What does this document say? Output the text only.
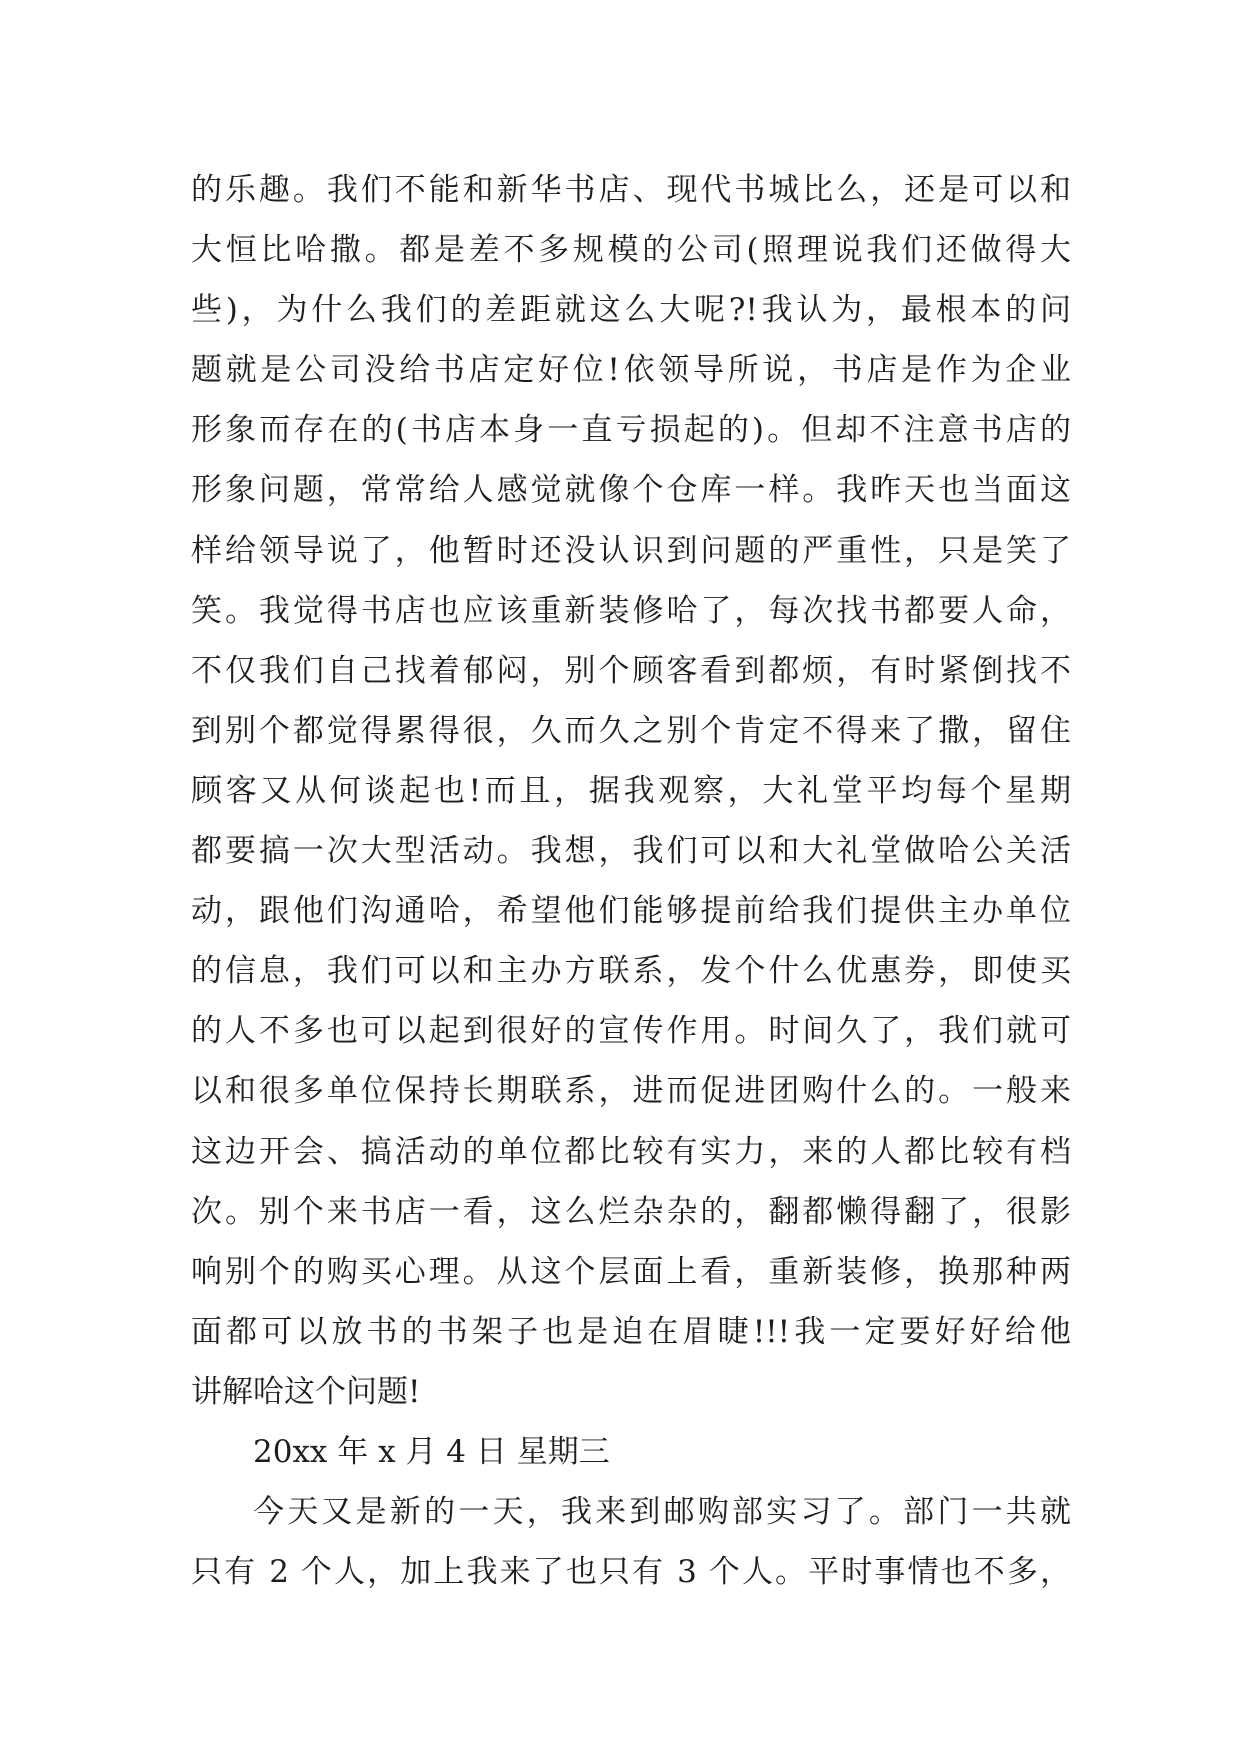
的乐趣。我们不能和新华书店、现代书城比么，还是可以和
大恒比哈撒。都是差不多规模的公司(照理说我们还做得大
些)，为什么我们的差距就这么大呢?!我认为，最根本的问
题就是公司没给书店定好位!依领导所说，书店是作为企业
形象而存在的(书店本身一直亏损起的)。但却不注意书店的
形象问题，常常给人感觉就像个仓库一样。我昨天也当面这
样给领导说了，他暂时还没认识到问题的严重性，只是笑了
笑。我觉得书店也应该重新装修哈了，每次找书都要人命，
不仅我们自己找着郁闷，别个顾客看到都烦，有时紧倒找不
到别个都觉得累得很，久而久之别个肯定不得来了撒，留住
顾客又从何谈起也!而且，据我观察，大礼堂平均每个星期
都要搞一次大型活动。我想，我们可以和大礼堂做哈公关活
动，跟他们沟通哈，希望他们能够提前给我们提供主办单位
的信息，我们可以和主办方联系，发个什么优惠券，即使买
的人不多也可以起到很好的宣传作用。时间久了，我们就可
以和很多单位保持长期联系，进而促进团购什么的。一般来
这边开会、搞活动的单位都比较有实力，来的人都比较有档
次。别个来书店一看，这么烂杂杂的，翻都懒得翻了，很影
响别个的购买心理。从这个层面上看，重新装修，换那种两
面都可以放书的书架子也是迫在眉睫!!!我一定要好好给他
讲解哈这个问题!
20xx 年 x 月 4 日 星期三
今天又是新的一天，我来到邮购部实习了。部门一共就
只有 2 个人，加上我来了也只有 3 个人。平时事情也不多，
